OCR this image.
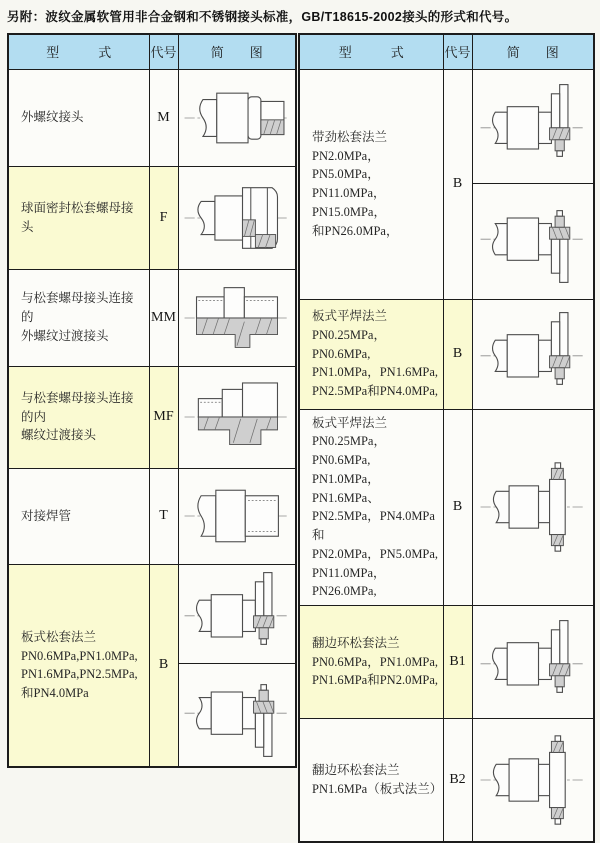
另附：波纹金属软管用非合金钢和不锈钢接头标准，GB/T18615-2002接头的形式和代号。
型　　　式	代号	简　　图

外螺纹接头	M	

球面密封松套螺母接头	F	

与松套螺母接头连接的
外螺纹过渡接头	MM	

与松套螺母接头连接的内
螺纹过渡接头	MF	

对接焊管	T	

板式松套法兰
PN0.6MPa,PN1.0MPa,
PN1.6MPa,PN2.5MPa,
和PN4.0MPa	B	

型　　　式	代号	简　　图

带劲松套法兰
PN2.0MPa，PN5.0MPa，
PN11.0MPa，PN15.0MPa，
和PN26.0MPa，	B	

板式平焊法兰
PN0.25MPa，PN0.6MPa,
PN1.0MPa，PN1.6MPa,
PN2.5MPa和PN4.0MPa,	B	

板式平焊法兰
PN0.25MPa，PN0.6MPa,
PN1.0MPa，PN1.6MPa、
PN2.5MPa，PN4.0MPa和
PN2.0MPa，PN5.0MPa,
PN11.0MPa，PN26.0MPa,
	B	

翻边环松套法兰
PN0.6MPa，PN1.0MPa,
PN1.6MPa和PN2.0MPa,	B1	

翻边环松套法兰
PN1.6MPa（板式法兰）	B2	
